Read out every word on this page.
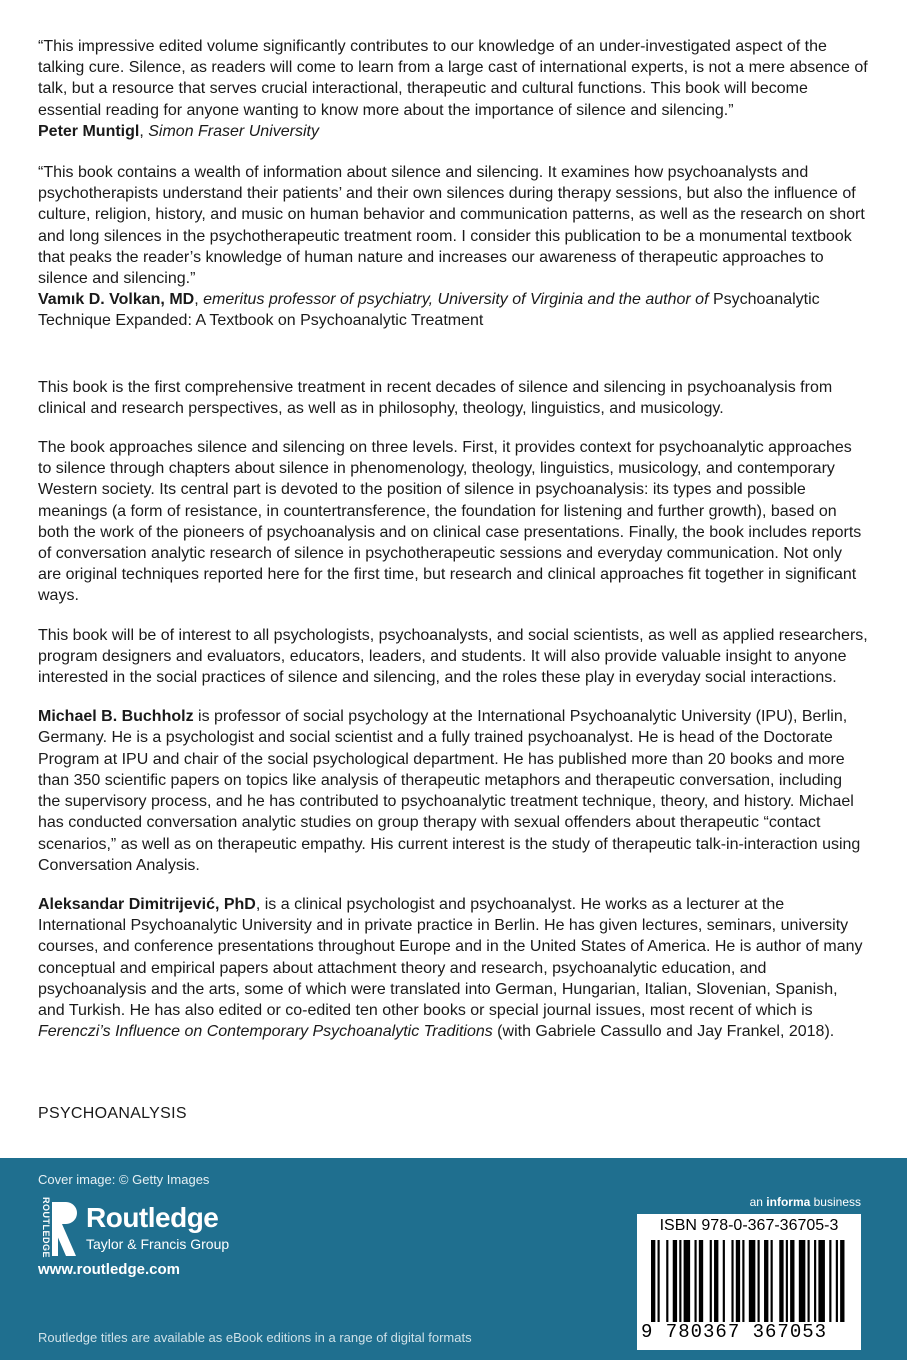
“This impressive edited volume significantly contributes to our knowledge of an under-investigated aspect of the talking cure. Silence, as readers will come to learn from a large cast of international experts, is not a mere absence of talk, but a resource that serves crucial interactional, therapeutic and cultural functions. This book will become essential reading for anyone wanting to know more about the importance of silence and silencing.”
Peter Muntigl, Simon Fraser University

“This book contains a wealth of information about silence and silencing. It examines how psychoanalysts and psychotherapists understand their patients’ and their own silences during therapy sessions, but also the influence of culture, religion, history, and music on human behavior and communication patterns, as well as the research on short and long silences in the psychotherapeutic treatment room. I consider this publication to be a monumental textbook that peaks the reader’s knowledge of human nature and increases our awareness of therapeutic approaches to silence and silencing.”
Vamık D. Volkan, MD, emeritus professor of psychiatry, University of Virginia and the author of Psychoanalytic Technique Expanded: A Textbook on Psychoanalytic Treatment

This book is the first comprehensive treatment in recent decades of silence and silencing in psychoanalysis from clinical and research perspectives, as well as in philosophy, theology, linguistics, and musicology.

The book approaches silence and silencing on three levels. First, it provides context for psychoanalytic approaches to silence through chapters about silence in phenomenology, theology, linguistics, musicology, and contemporary Western society. Its central part is devoted to the position of silence in psychoanalysis: its types and possible meanings (a form of resistance, in countertransference, the foundation for listening and further growth), based on both the work of the pioneers of psychoanalysis and on clinical case presentations. Finally, the book includes reports of conversation analytic research of silence in psychotherapeutic sessions and everyday communication. Not only are original techniques reported here for the first time, but research and clinical approaches fit together in significant ways.

This book will be of interest to all psychologists, psychoanalysts, and social scientists, as well as applied researchers, program designers and evaluators, educators, leaders, and students. It will also provide valuable insight to anyone interested in the social practices of silence and silencing, and the roles these play in everyday social interactions.

Michael B. Buchholz is professor of social psychology at the International Psychoanalytic University (IPU), Berlin, Germany. He is a psychologist and social scientist and a fully trained psychoanalyst. He is head of the Doctorate Program at IPU and chair of the social psychological department. He has published more than 20 books and more than 350 scientific papers on topics like analysis of therapeutic metaphors and therapeutic conversation, including the supervisory process, and he has contributed to psychoanalytic treatment technique, theory, and history. Michael has conducted conversation analytic studies on group therapy with sexual offenders about therapeutic “contact scenarios,” as well as on therapeutic empathy. His current interest is the study of therapeutic talk-in-interaction using Conversation Analysis.

Aleksandar Dimitrijević, PhD, is a clinical psychologist and psychoanalyst. He works as a lecturer at the International Psychoanalytic University and in private practice in Berlin. He has given lectures, seminars, university courses, and conference presentations throughout Europe and in the United States of America. He is author of many conceptual and empirical papers about attachment theory and research, psychoanalytic education, and psychoanalysis and the arts, some of which were translated into German, Hungarian, Italian, Slovenian, Spanish, and Turkish. He has also edited or co-edited ten other books or special journal issues, most recent of which is Ferenczi’s Influence on Contemporary Psychoanalytic Traditions (with Gabriele Cassullo and Jay Frankel, 2018).

PSYCHOANALYSIS
Cover image: © Getty Images
ROUTLEDGE Routledge
Taylor & Francis Group
www.routledge.com
Routledge titles are available as eBook editions in a range of digital formats
an informa business
ISBN 978-0-367-36705-3
9 780367 367053
